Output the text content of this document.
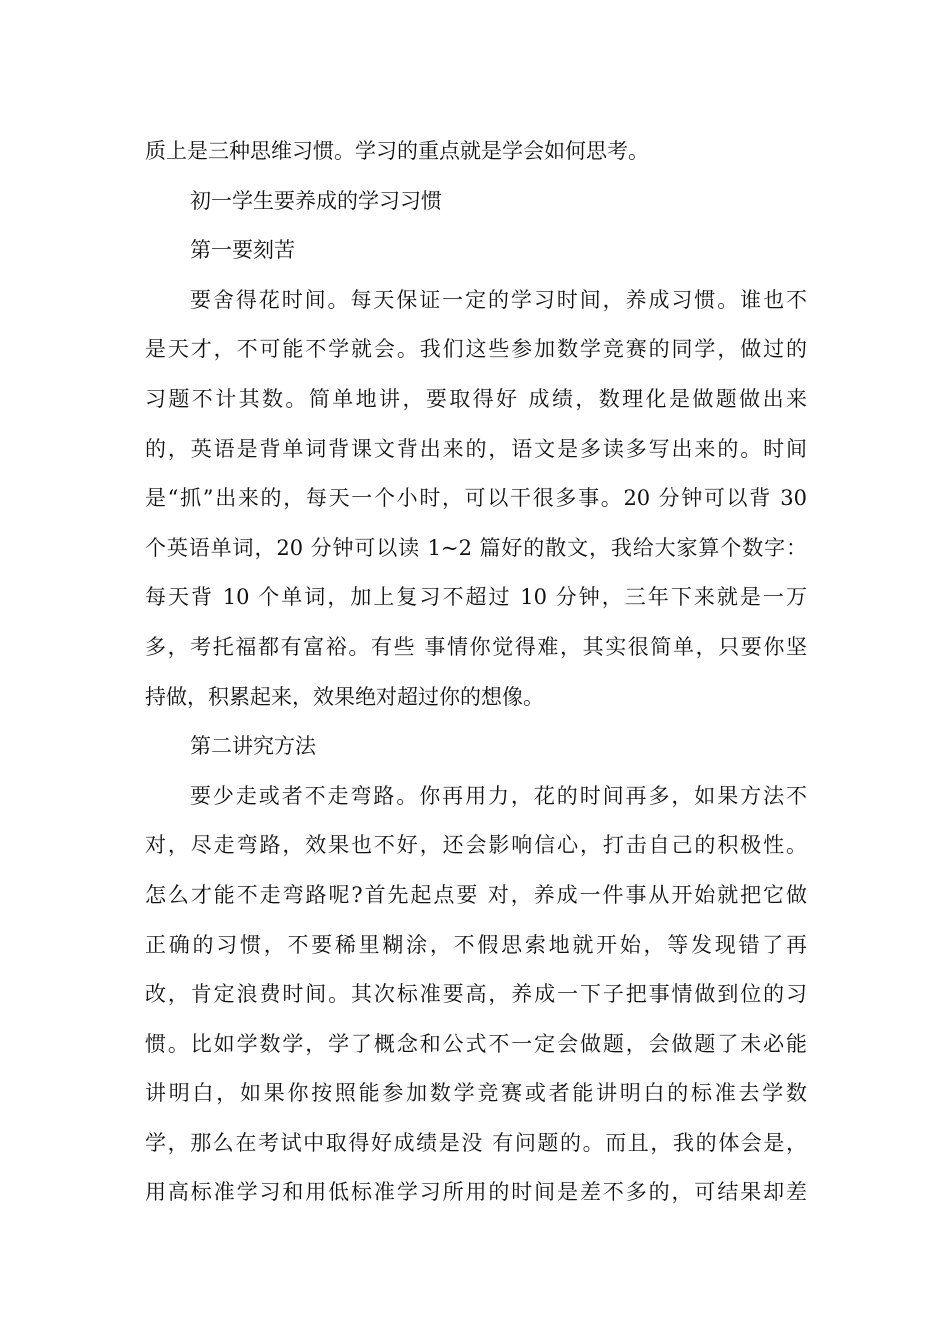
质上是三种思维习惯。学习的重点就是学会如何思考。
初一学生要养成的学习习惯
第一要刻苦
要舍得花时间。每天保证一定的学习时间，养成习惯。谁也不
是天才，不可能不学就会。我们这些参加数学竞赛的同学，做过的
习题不计其数。简单地讲，要取得好 成绩，数理化是做题做出来
的，英语是背单词背课文背出来的，语文是多读多写出来的。时间
是“抓”出来的，每天一个小时，可以干很多事。20 分钟可以背 30
个英语单词，20 分钟可以读 1~2 篇好的散文，我给大家算个数字：
每天背 10 个单词，加上复习不超过 10 分钟，三年下来就是一万
多，考托福都有富裕。有些 事情你觉得难，其实很简单，只要你坚
持做，积累起来，效果绝对超过你的想像。
第二讲究方法
要少走或者不走弯路。你再用力，花的时间再多，如果方法不
对，尽走弯路，效果也不好，还会影响信心，打击自己的积极性。
怎么才能不走弯路呢?首先起点要 对，养成一件事从开始就把它做
正确的习惯，不要稀里糊涂，不假思索地就开始，等发现错了再
改，肯定浪费时间。其次标准要高，养成一下子把事情做到位的习
惯。比如学数学，学了概念和公式不一定会做题，会做题了未必能
讲明白，如果你按照能参加数学竞赛或者能讲明白的标准去学数
学，那么在考试中取得好成绩是没 有问题的。而且，我的体会是，
用高标准学习和用低标准学习所用的时间是差不多的，可结果却差
